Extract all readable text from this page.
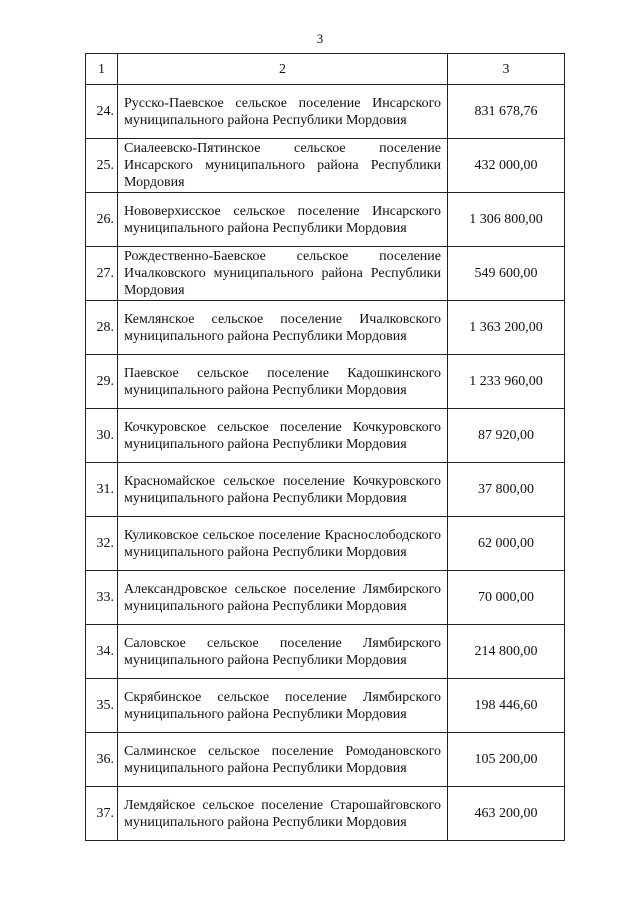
3
1	2	3
24.	Русско-Паевское сельское поселение Инсарского муниципального района Республики Мордовия	831 678,76
25.	Сиалеевско-Пятинское сельское поселение Инсарского муниципального района Республики Мордовия	432 000,00
26.	Нововерхисское сельское поселение Инсарского муниципального района Республики Мордовия	1 306 800,00
27.	Рождественно-Баевское сельское поселение Ичалковского муниципального района Республики Мордовия	549 600,00
28.	Кемлянское сельское поселение Ичалковского муниципального района Республики Мордовия	1 363 200,00
29.	Паевское сельское поселение Кадошкинского муниципального района Республики Мордовия	1 233 960,00
30.	Кочкуровское сельское поселение Кочкуровского муниципального района Республики Мордовия	87 920,00
31.	Красномайское сельское поселение Кочкуровского муниципального района Республики Мордовия	37 800,00
32.	Куликовское сельское поселение Краснослободского муниципального района Республики Мордовия	62 000,00
33.	Александровское сельское поселение Лямбирского муниципального района Республики Мордовия	70 000,00
34.	Саловское сельское поселение Лямбирского муниципального района Республики Мордовия	214 800,00
35.	Скрябинское сельское поселение Лямбирского муниципального района Республики Мордовия	198 446,60
36.	Салминское сельское поселение Ромодановского муниципального района Республики Мордовия	105 200,00
37.	Лемдяйское сельское поселение Старошайговского муниципального района Республики Мордовия	463 200,00
